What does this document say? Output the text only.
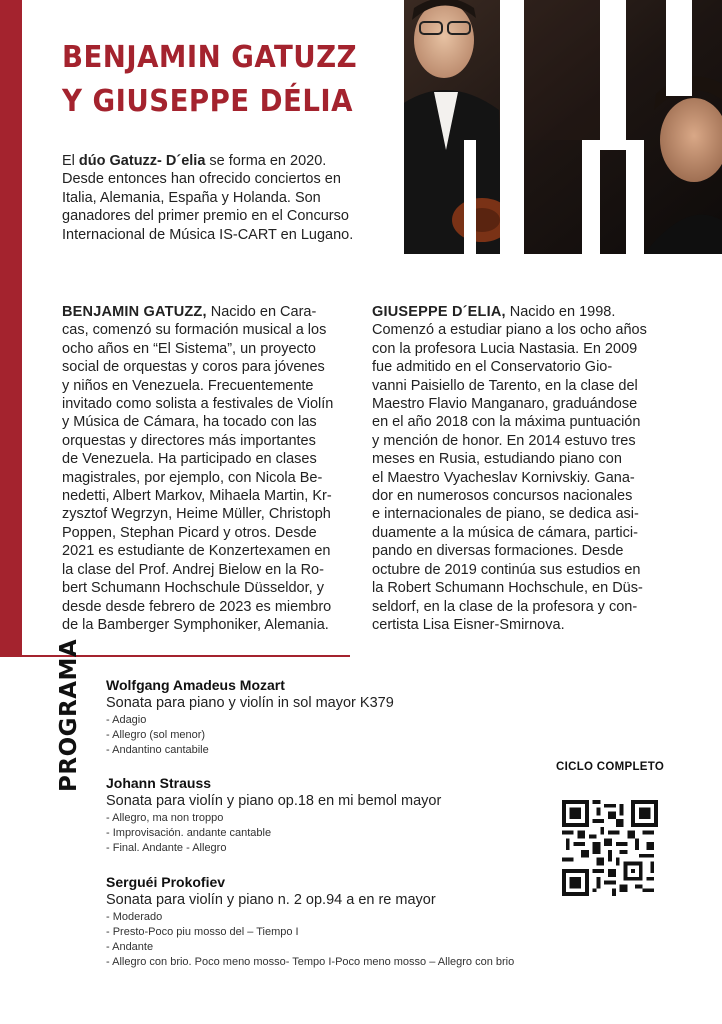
BENJAMIN GATUZZ
Y GIUSEPPE DÉLIA
El dúo Gatuzz- D´elia se forma en 2020. Desde entonces han ofrecido conciertos en Italia, Alemania, España y Holanda. Son ganadores del primer premio en el Concurso Internacional de Música IS-CART en Lugano.
BENJAMIN GATUZZ, Nacido en Cara-
cas, comenzó su formación musical a los
ocho años en “El Sistema”, un proyecto
social de orquestas y coros para jóvenes
y niños en Venezuela. Frecuentemente
invitado como solista a festivales de Violín
y Música de Cámara, ha tocado con las
orquestas y directores más importantes
de Venezuela. Ha participado en clases
magistrales, por ejemplo, con Nicola Be-
nedetti, Albert Markov, Mihaela Martin, Kr-
zysztof Wegrzyn, Heime Müller, Christoph
Poppen, Stephan Picard y otros. Desde
2021 es estudiante de Konzertexamen en
la clase del Prof. Andrej Bielow en la Ro-
bert Schumann Hochschule Düsseldor, y
desde desde febrero de 2023 es miembro
de la Bamberger Symphoniker, Alemania.
GIUSEPPE D´ELIA, Nacido en 1998.
Comenzó a estudiar piano a los ocho años
con la profesora Lucia Nastasia. En 2009
fue admitido en el Conservatorio Gio-
vanni Paisiello de Tarento, en la clase del
Maestro Flavio Manganaro, graduándose
en el año 2018 con la máxima puntuación
y mención de honor. En 2014 estuvo tres
meses en Rusia, estudiando piano con
el Maestro Vyacheslav Kornivskiy. Gana-
dor en numerosos concursos nacionales
e internacionales de piano, se dedica asi-
duamente a la música de cámara, partici-
pando en diversas formaciones. Desde
octubre de 2019 continúa sus estudios en
la Robert Schumann Hochschule, en Düs-
seldorf, en la clase de la profesora y con-
certista Lisa Eisner-Smirnova.
PROGRAMA Wolfgang Amadeus Mozart
Sonata para piano y violín in sol mayor K379
- Adagio
- Allegro (sol menor)
- Andantino cantabile
Johann Strauss
Sonata para violín y piano op.18 en mi bemol mayor
- Allegro, ma non troppo
- Improvisación. andante cantable
- Final. Andante - Allegro
Serguéi Prokofiev
Sonata para violín y piano n. 2 op.94 a en re mayor
- Moderado
- Presto-Poco piu mosso del – Tiempo I
- Andante
- Allegro con brio. Poco meno mosso- Tempo I-Poco meno mosso – Allegro con brio
CICLO COMPLETO
